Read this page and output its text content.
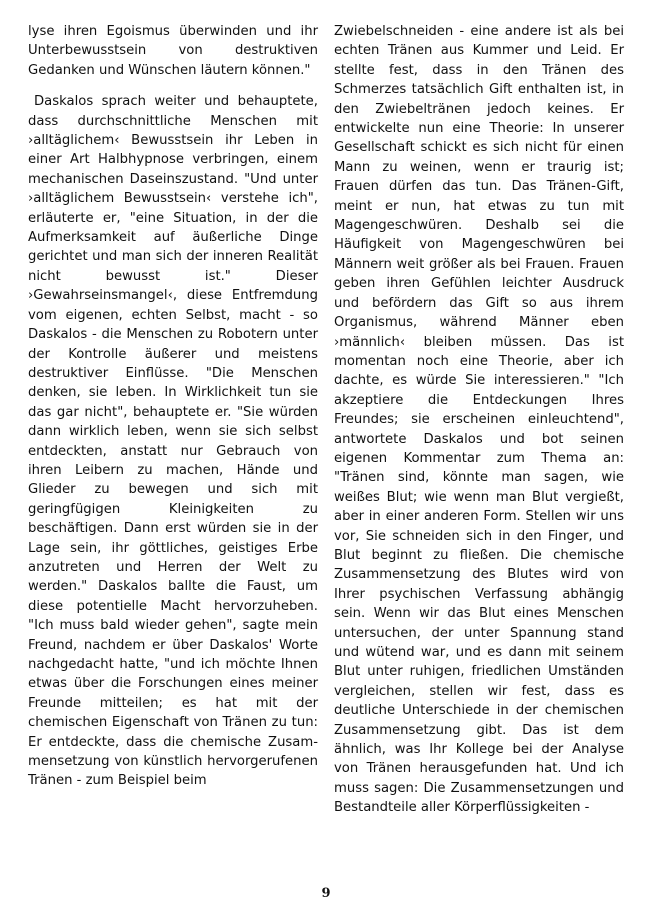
lyse ihren Egoismus überwinden und ihr Unterbewusstsein von destruktiven Gedanken und Wünschen läutern können."

Daskalos sprach weiter und behauptete, dass durchschnittliche Menschen mit ›alltäglichem‹ Bewusstsein ihr Leben in einer Art Halbhypnose verbringen, einem mechanischen Daseinszustand. "Und unter ›alltäglichem Bewusstsein‹ verstehe ich", erläuterte er, "eine Situation, in der die Aufmerksamkeit auf äußerliche Dinge gerichtet und man sich der inneren Realität nicht bewusst ist." Dieser ›Gewahrseinsmangel‹, diese Entfremdung vom eigenen, echten Selbst, macht - so Daskalos - die Menschen zu Robotern unter der Kontrolle äußerer und meistens destruktiver Einflüsse. "Die Menschen denken, sie leben. In Wirklichkeit tun sie das gar nicht", behauptete er. "Sie würden dann wirklich leben, wenn sie sich selbst entdeckten, anstatt nur Gebrauch von ihren Leibern zu machen, Hände und Glieder zu bewegen und sich mit geringfügigen Kleinigkeiten zu beschäftigen. Dann erst würden sie in der Lage sein, ihr göttliches, geistiges Erbe anzutreten und Herren der Welt zu werden." Daskalos ballte die Faust, um diese potentielle Macht hervorzuheben. "Ich muss bald wieder gehen", sagte mein Freund, nachdem er über Daskalos' Worte nachgedacht hatte, "und ich möchte Ihnen etwas über die Forschungen eines meiner Freunde mitteilen; es hat mit der chemischen Eigenschaft von Tränen zu tun: Er entdeckte, dass die chemische Zusammensetzung von künstlich hervorgerufenen Tränen - zum Beispiel beim

Zwiebelschneiden - eine andere ist als bei echten Tränen aus Kummer und Leid. Er stellte fest, dass in den Tränen des Schmerzes tatsächlich Gift enthalten ist, in den Zwiebeltränen jedoch keines. Er entwickelte nun eine Theorie: In unserer Gesellschaft schickt es sich nicht für einen Mann zu weinen, wenn er traurig ist; Frauen dürfen das tun. Das Tränen-Gift, meint er nun, hat etwas zu tun mit Magengeschwüren. Deshalb sei die Häufigkeit von Magengeschwüren bei Männern weit größer als bei Frauen. Frauen geben ihren Gefühlen leichter Ausdruck und befördern das Gift so aus ihrem Organismus, während Männer eben ›männlich‹ bleiben müssen. Das ist momentan noch eine Theorie, aber ich dachte, es würde Sie interessieren." "Ich akzeptiere die Entdeckungen Ihres Freundes; sie erscheinen einleuchtend", antwortete Daskalos und bot seinen eigenen Kommentar zum Thema an: "Tränen sind, könnte man sagen, wie weißes Blut; wie wenn man Blut vergießt, aber in einer anderen Form. Stellen wir uns vor, Sie schneiden sich in den Finger, und Blut beginnt zu fließen. Die chemische Zusammensetzung des Blutes wird von Ihrer psychischen Verfassung abhängig sein. Wenn wir das Blut eines Menschen untersuchen, der unter Spannung stand und wütend war, und es dann mit seinem Blut unter ruhigen, friedlichen Umständen vergleichen, stellen wir fest, dass es deutliche Unterschiede in der chemischen Zusammensetzung gibt. Das ist dem ähnlich, was Ihr Kollege bei der Analyse von Tränen herausgefunden hat. Und ich muss sagen: Die Zusammensetzungen und Bestandteile aller Körperflüssigkeiten -

9
